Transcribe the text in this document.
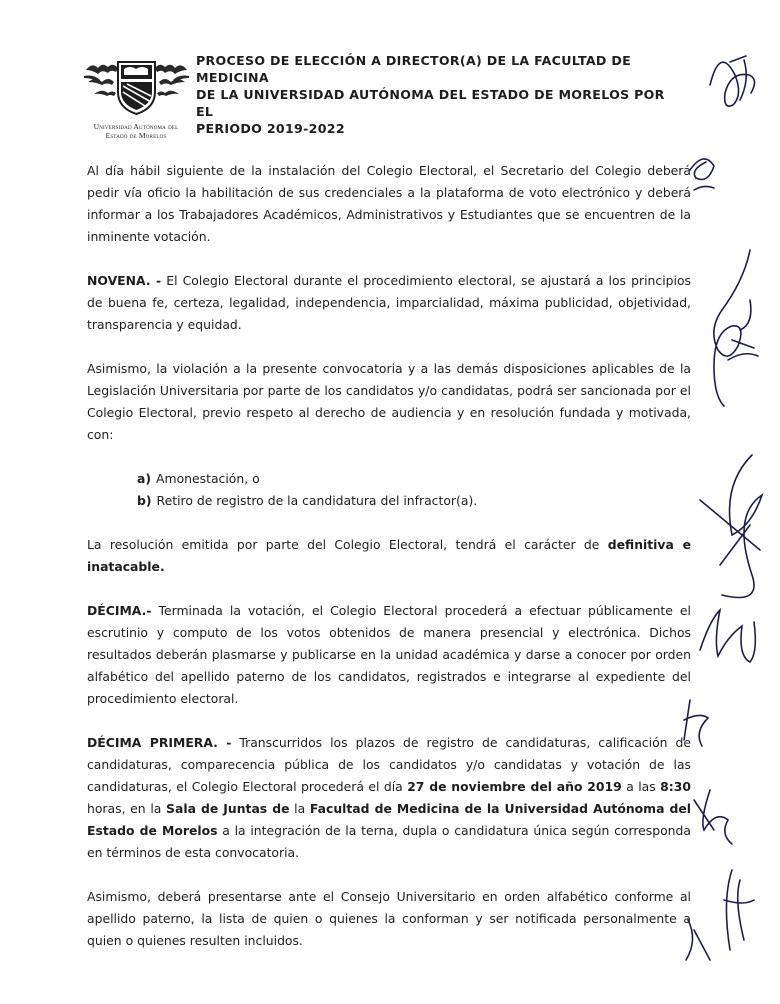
Universidad Autónoma del
Estado de Morelos
PROCESO DE ELECCIÓN A DIRECTOR(A) DE LA FACULTAD DE MEDICINA
DE LA UNIVERSIDAD AUTÓNOMA DEL ESTADO DE MORELOS POR EL
PERIODO 2019-2022

Al día hábil siguiente de la instalación del Colegio Electoral, el Secretario del Colegio deberá pedir vía oficio la habilitación de sus credenciales a la plataforma de voto electrónico y deberá informar a los Trabajadores Académicos, Administrativos y Estudiantes que se encuentren de la inminente votación.

NOVENA. - El Colegio Electoral durante el procedimiento electoral, se ajustará a los principios de buena fe, certeza, legalidad, independencia, imparcialidad, máxima publicidad, objetividad, transparencia y equidad.

Asimismo, la violación a la presente convocatoria y a las demás disposiciones aplicables de la Legislación Universitaria por parte de los candidatos y/o candidatas, podrá ser sancionada por el Colegio Electoral, previo respeto al derecho de audiencia y en resolución fundada y motivada, con:

a) Amonestación, o
b) Retiro de registro de la candidatura del infractor(a).

La resolución emitida por parte del Colegio Electoral, tendrá el carácter de definitiva e inatacable.

DÉCIMA.- Terminada la votación, el Colegio Electoral procederá a efectuar públicamente el escrutinio y computo de los votos obtenidos de manera presencial y electrónica. Dichos resultados deberán plasmarse y publicarse en la unidad académica y darse a conocer por orden alfabético del apellido paterno de los candidatos, registrados e integrarse al expediente del procedimiento electoral.

DÉCIMA PRIMERA. - Transcurridos los plazos de registro de candidaturas, calificación de candidaturas, comparecencia pública de los candidatos y/o candidatas y votación de las candidaturas, el Colegio Electoral procederá el día 27 de noviembre del año 2019 a las 8:30 horas, en la Sala de Juntas de la Facultad de Medicina de la Universidad Autónoma del Estado de Morelos a la integración de la terna, dupla o candidatura única según corresponda en términos de esta convocatoria.

Asimismo, deberá presentarse ante el Consejo Universitario en orden alfabético conforme al apellido paterno, la lista de quien o quienes la conforman y ser notificada personalmente a quien o quienes resulten incluidos.
